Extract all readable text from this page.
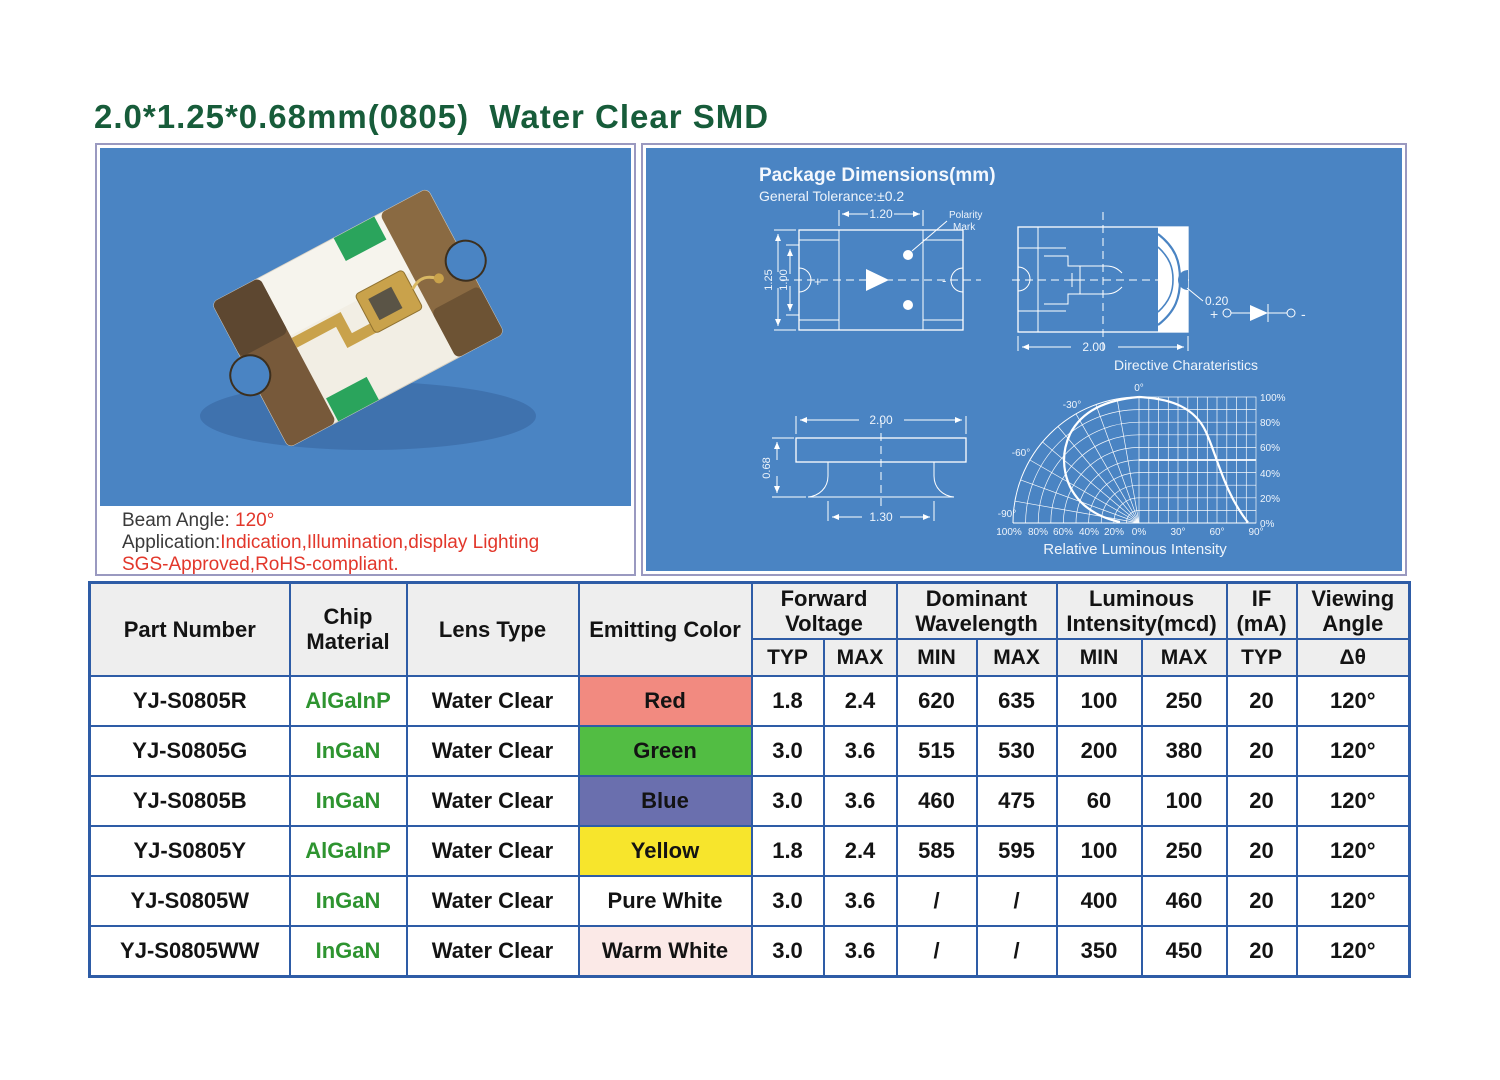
2.0*1.25*0.68mm(0805)  Water Clear SMD
Beam Angle: 120°
Application:Indication,Illumination,display Lighting
SGS-Approved,RoHS-compliant.
Package Dimensions(mm)
General Tolerance:±0.2
+	-
Polarity
Mark
1.20
1.25 1.00
0.20
2.00
+	-
Directive Charateristics
2.00
0.68
1.30
0°
-30°
-60°
-90°
100% 80% 60% 40% 20% 0% 30° 60° 90°
100%
80%
60%
40%
20%
0%
Relative Luminous Intensity
Part Number	Chip Material	Lens Type	Emitting Color	Forward Voltage		Dominant Wavelength		Luminous Intensity(mcd)		IF (mA)	Viewing Angle
				TYP	MAX	MIN	MAX	MIN	MAX	TYP	Δθ
YJ-S0805R	AlGaInP	Water Clear	Red	1.8	2.4	620	635	100	250	20	120°
YJ-S0805G	InGaN	Water Clear	Green	3.0	3.6	515	530	200	380	20	120°
YJ-S0805B	InGaN	Water Clear	Blue	3.0	3.6	460	475	60	100	20	120°
YJ-S0805Y	AlGaInP	Water Clear	Yellow	1.8	2.4	585	595	100	250	20	120°
YJ-S0805W	InGaN	Water Clear	Pure White	3.0	3.6	/	/	400	460	20	120°
YJ-S0805WW	InGaN	Water Clear	Warm White	3.0	3.6	/	/	350	450	20	120°
